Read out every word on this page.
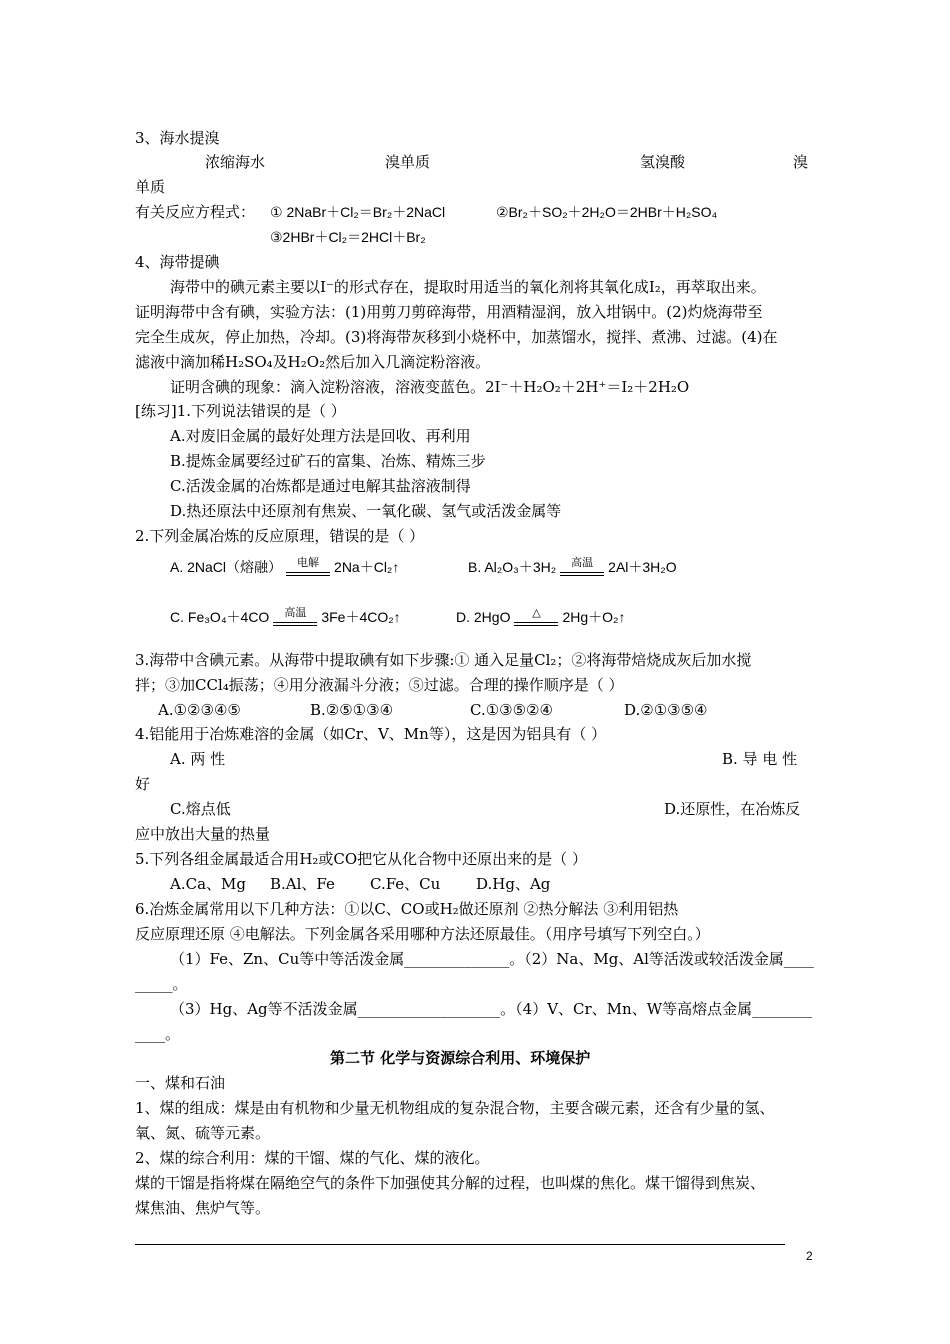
3、海水提溴
浓缩海水	溴单质	氢溴酸	溴
单质
有关反应方程式： ① 2NaBr＋Cl₂＝Br₂＋2NaCl	②Br₂＋SO₂＋2H₂O＝2HBr＋H₂SO₄
③2HBr＋Cl₂＝2HCl＋Br₂
4、海带提碘
海带中的碘元素主要以I⁻的形式存在，提取时用适当的氧化剂将其氧化成I₂，再萃取出来。
证明海带中含有碘，实验方法：(1)用剪刀剪碎海带，用酒精湿润，放入坩锅中。(2)灼烧海带至
完全生成灰，停止加热，冷却。(3)将海带灰移到小烧杯中，加蒸馏水，搅拌、煮沸、过滤。(4)在
滤液中滴加稀H₂SO₄及H₂O₂然后加入几滴淀粉溶液。
证明含碘的现象：滴入淀粉溶液，溶液变蓝色。2I⁻＋H₂O₂＋2H⁺＝I₂＋2H₂O
[练习]1.下列说法错误的是（ ）
A.对废旧金属的最好处理方法是回收、再利用
B.提炼金属要经过矿石的富集、冶炼、精炼三步
C.活泼金属的冶炼都是通过电解其盐溶液制得
D.热还原法中还原剂有焦炭、一氧化碳、氢气或活泼金属等
2.下列金属冶炼的反应原理，错误的是（ ）
A. 2NaCl（熔融）	电解	2Na＋Cl₂↑	B. Al₂O₃＋3H₂	高温	2Al＋3H₂O
C. Fe₃O₄＋4CO	高温	3Fe＋4CO₂↑	D. 2HgO	△	2Hg＋O₂↑
3.海带中含碘元素。从海带中提取碘有如下步骤:① 通入足量Cl₂；②将海带焙烧成灰后加水搅
拌；③加CCl₄振荡；④用分液漏斗分液；⑤过滤。合理的操作顺序是（ ）
A.①②③④⑤	B.②⑤①③④	C.①③⑤②④	D.②①③⑤④
4.铝能用于冶炼难溶的金属（如Cr、V、Mn等），这是因为铝具有（ ）
A. 两 性	B. 导 电 性
好
C.熔点低	D.还原性，在冶炼反
应中放出大量的热量
5.下列各组金属最适合用H₂或CO把它从化合物中还原出来的是（ ）
A.Ca、Mg B.Al、Fe C.Fe、Cu D.Hg、Ag
6.冶炼金属常用以下几种方法：①以C、CO或H₂做还原剂 ②热分解法 ③利用铝热
反应原理还原 ④电解法。下列金属各采用哪种方法还原最佳。（用序号填写下列空白。）
（1）Fe、Zn、Cu等中等活泼金属______________。（2）Na、Mg、Al等活泼或较活泼金属____
_____。
（3）Hg、Ag等不活泼金属___________________。（4）V、Cr、Mn、W等高熔点金属________
____。
第二节 化学与资源综合利用、环境保护
一、煤和石油
1、煤的组成：煤是由有机物和少量无机物组成的复杂混合物，主要含碳元素，还含有少量的氢、
氧、氮、硫等元素。
2、煤的综合利用：煤的干馏、煤的气化、煤的液化。
煤的干馏是指将煤在隔绝空气的条件下加强使其分解的过程，也叫煤的焦化。煤干馏得到焦炭、
煤焦油、焦炉气等。
2
